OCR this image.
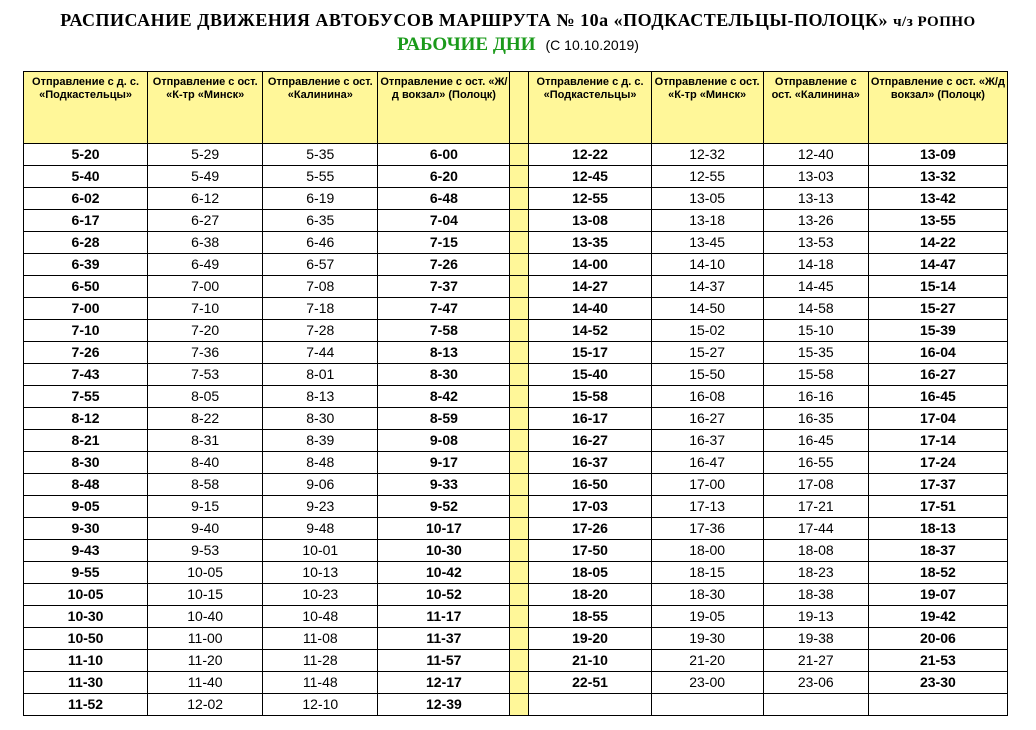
РАСПИСАНИЕ ДВИЖЕНИЯ АВТОБУСОВ МАРШРУТА № 10а «ПОДКАСТЕЛЬЦЫ-ПОЛОЦК» ч/з РОПНО
РАБОЧИЕ ДНИ (С 10.10.2019)
Отправление с д. с. «Подкастельцы»	Отправление с ост. «К-тр «Минск»	Отправление с ост. «Калинина»	Отправление с ост. «Ж/д вокзал» (Полоцк)		Отправление с д. с. «Подкастельцы»	Отправление с ост. «К-тр «Минск»	Отправление с ост. «Калинина»	Отправление с ост. «Ж/д вокзал» (Полоцк)
5-20	5-29	5-35	6-00		12-22	12-32	12-40	13-09
5-40	5-49	5-55	6-20		12-45	12-55	13-03	13-32
6-02	6-12	6-19	6-48		12-55	13-05	13-13	13-42
6-17	6-27	6-35	7-04		13-08	13-18	13-26	13-55
6-28	6-38	6-46	7-15		13-35	13-45	13-53	14-22
6-39	6-49	6-57	7-26		14-00	14-10	14-18	14-47
6-50	7-00	7-08	7-37		14-27	14-37	14-45	15-14
7-00	7-10	7-18	7-47		14-40	14-50	14-58	15-27
7-10	7-20	7-28	7-58		14-52	15-02	15-10	15-39
7-26	7-36	7-44	8-13		15-17	15-27	15-35	16-04
7-43	7-53	8-01	8-30		15-40	15-50	15-58	16-27
7-55	8-05	8-13	8-42		15-58	16-08	16-16	16-45
8-12	8-22	8-30	8-59		16-17	16-27	16-35	17-04
8-21	8-31	8-39	9-08		16-27	16-37	16-45	17-14
8-30	8-40	8-48	9-17		16-37	16-47	16-55	17-24
8-48	8-58	9-06	9-33		16-50	17-00	17-08	17-37
9-05	9-15	9-23	9-52		17-03	17-13	17-21	17-51
9-30	9-40	9-48	10-17		17-26	17-36	17-44	18-13
9-43	9-53	10-01	10-30		17-50	18-00	18-08	18-37
9-55	10-05	10-13	10-42		18-05	18-15	18-23	18-52
10-05	10-15	10-23	10-52		18-20	18-30	18-38	19-07
10-30	10-40	10-48	11-17		18-55	19-05	19-13	19-42
10-50	11-00	11-08	11-37		19-20	19-30	19-38	20-06
11-10	11-20	11-28	11-57		21-10	21-20	21-27	21-53
11-30	11-40	11-48	12-17		22-51	23-00	23-06	23-30
11-52	12-02	12-10	12-39					
